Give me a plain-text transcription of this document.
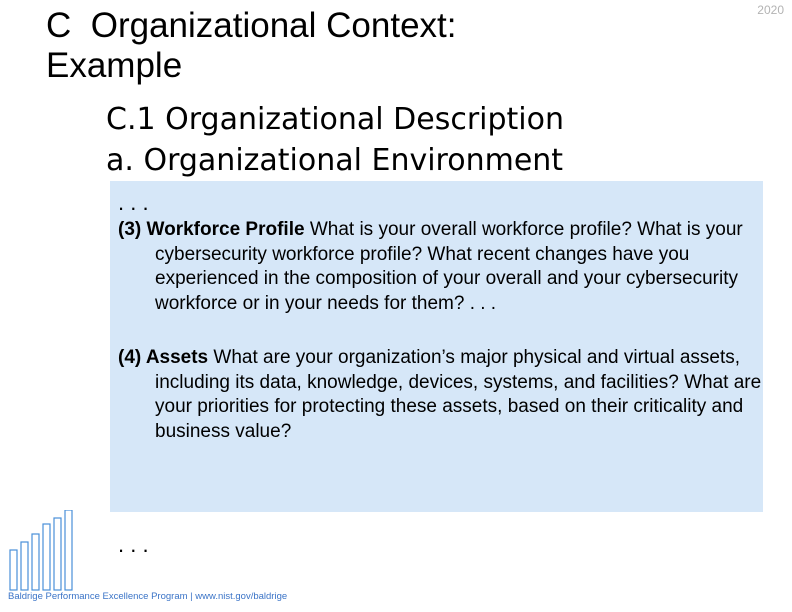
2020
C  Organizational Context:
Example
C.1 Organizational Description
a. Organizational Environment
. . .
(3) Workforce Profile What is your overall workforce profile? What is your cybersecurity workforce profile? What recent changes have you experienced in the composition of your overall and your cybersecurity workforce or in your needs for them? . . .
(4) Assets What are your organization’s major physical and virtual assets, including its data, knowledge, devices, systems, and facilities? What are your priorities for protecting these assets, based on their criticality and business value?
. . .
Baldrige Performance Excellence Program | www.nist.gov/baldrige
